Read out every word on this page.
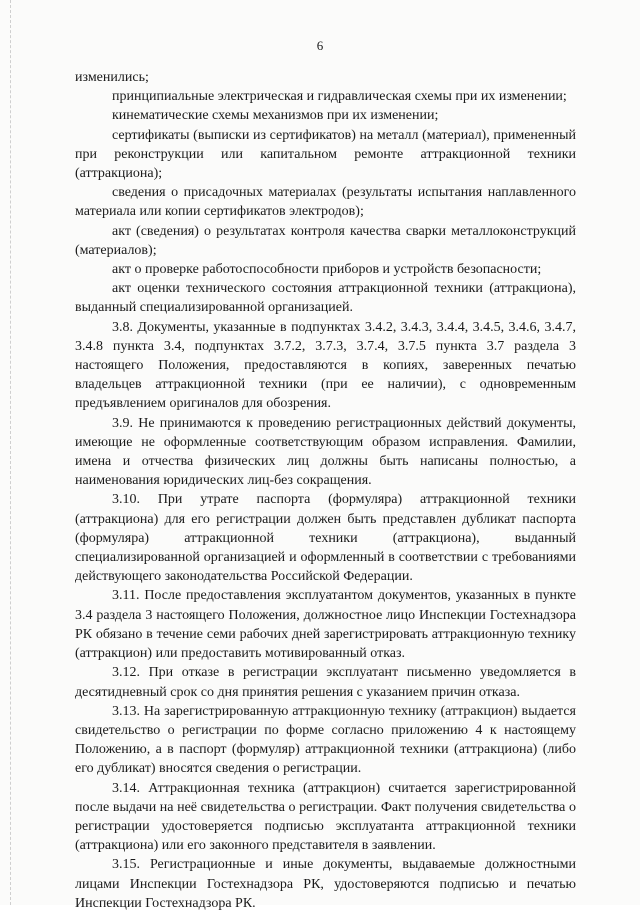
6

изменились;

принципиальные электрическая и гидравлическая схемы при их изменении;

кинематические схемы механизмов при их изменении;

сертификаты (выписки из сертификатов) на металл (материал), примененный при реконструкции или капитальном ремонте аттракционной техники (аттракциона);

сведения о присадочных материалах (результаты испытания наплавленного материала или копии сертификатов электродов);

акт (сведения) о результатах контроля качества сварки металлоконструкций (материалов);

акт о проверке работоспособности приборов и устройств безопасности;

акт оценки технического состояния аттракционной техники (аттракциона), выданный специализированной организацией.

3.8. Документы, указанные в подпунктах 3.4.2, 3.4.3, 3.4.4, 3.4.5, 3.4.6, 3.4.7, 3.4.8 пункта 3.4, подпунктах 3.7.2, 3.7.3, 3.7.4, 3.7.5 пункта 3.7 раздела 3 настоящего Положения, предоставляются в копиях, заверенных печатью владельцев аттракционной техники (при ее наличии), с одновременным предъявлением оригиналов для обозрения.

3.9. Не принимаются к проведению регистрационных действий документы, имеющие не оформленные соответствующим образом исправления. Фамилии, имена и отчества физических лиц должны быть написаны полностью, а наименования юридических лиц-без сокращения.

3.10. При утрате паспорта (формуляра) аттракционной техники (аттракциона) для его регистрации должен быть представлен дубликат паспорта (формуляра) аттракционной техники (аттракциона), выданный специализированной организацией и оформленный в соответствии с требованиями действующего законодательства Российской Федерации.

3.11. После предоставления эксплуатантом документов, указанных в пункте 3.4 раздела 3 настоящего Положения, должностное лицо Инспекции Гостехнадзора РК обязано в течение семи рабочих дней зарегистрировать аттракционную технику (аттракцион) или предоставить мотивированный отказ.

3.12. При отказе в регистрации эксплуатант письменно уведомляется в десятидневный срок со дня принятия решения с указанием причин отказа.

3.13. На зарегистрированную аттракционную технику (аттракцион) выдается свидетельство о регистрации по форме согласно приложению 4 к настоящему Положению, а в паспорт (формуляр) аттракционной техники (аттракциона) (либо его дубликат) вносятся сведения о регистрации.

3.14. Аттракционная техника (аттракцион) считается зарегистрированной после выдачи на неё свидетельства о регистрации. Факт получения свидетельства о регистрации удостоверяется подписью эксплуатанта аттракционной техники (аттракциона) или его законного представителя в заявлении.

3.15. Регистрационные и иные документы, выдаваемые должностными лицами Инспекции Гостехнадзора РК, удостоверяются подписью и печатью Инспекции Гостехнадзора РК.
